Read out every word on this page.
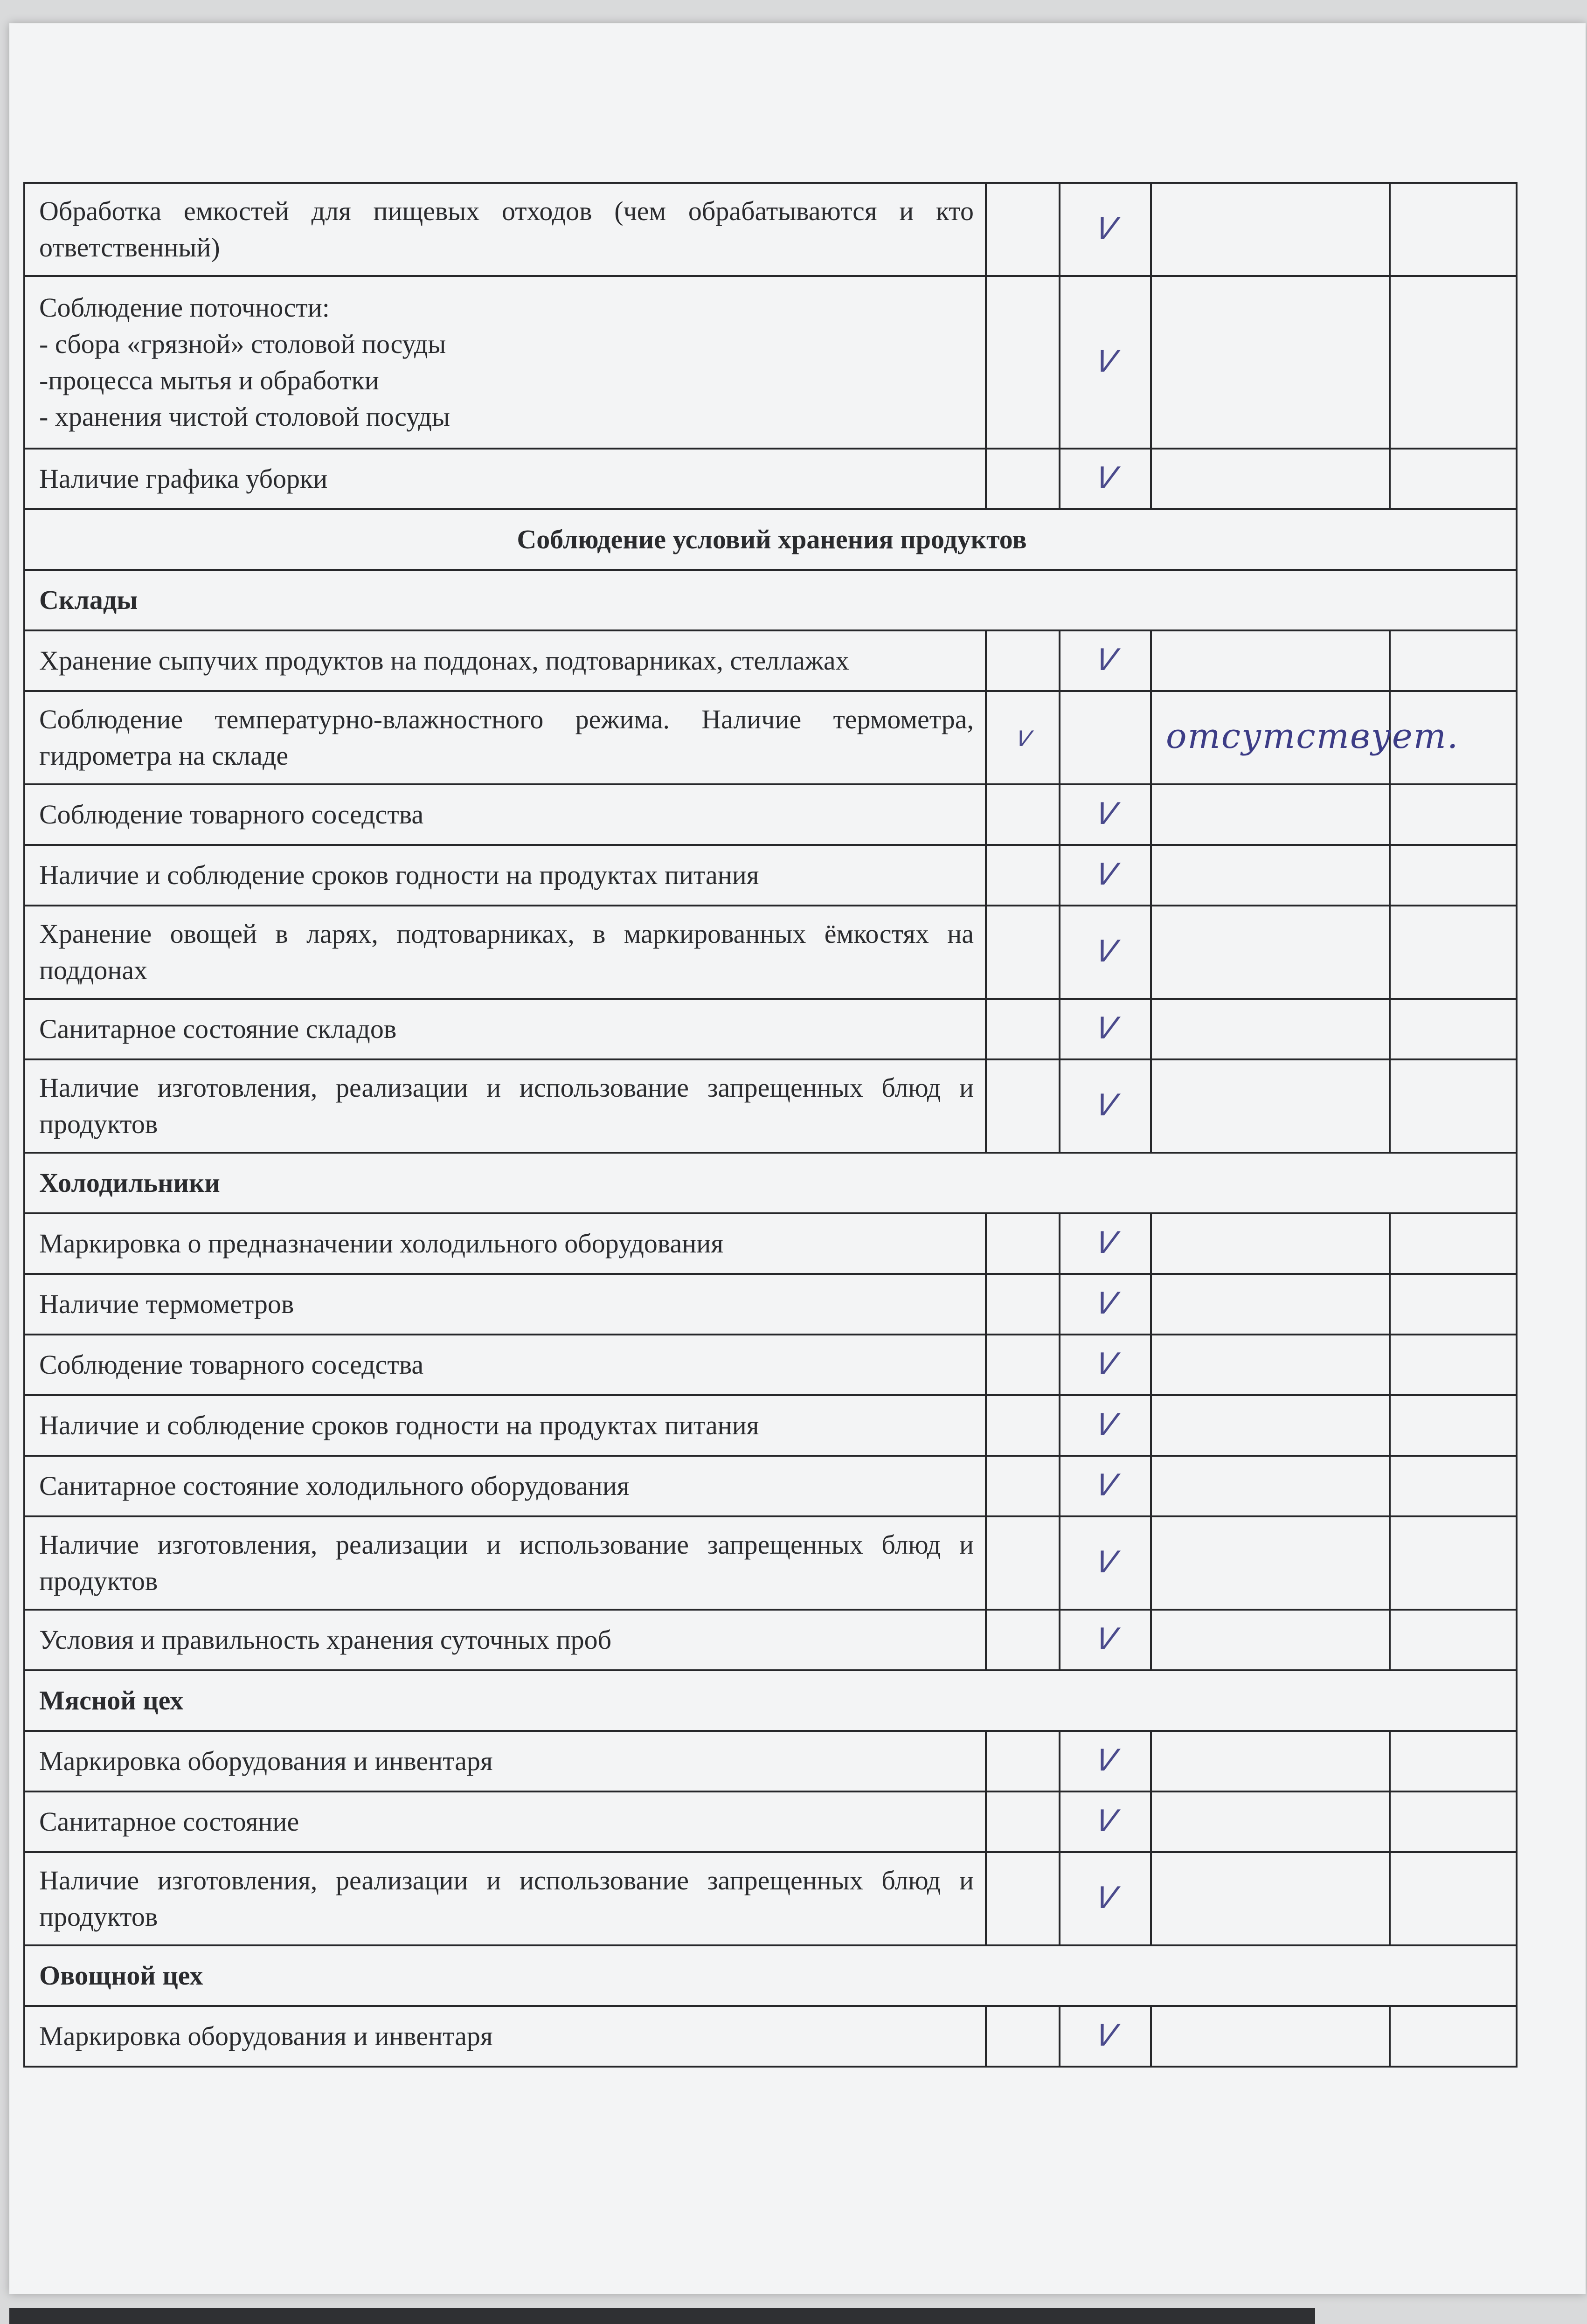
Обработка емкостей для пищевых отходов (чем обрабатываются и кто ответственный)		V		
Соблюдение поточности:
- сбора «грязной» столовой посуды
-процесса мытья и обработки
- хранения чистой столовой посуды		V		
Наличие графика уборки		V		
Соблюдение условий хранения продуктов				
Склады				
Хранение сыпучих продуктов на поддонах, подтоварниках, стеллажах		V		
Соблюдение температурно-влажностного режима. Наличие термометра, гидрометра на складе	V		отсутствует.	
Соблюдение товарного соседства		V		
Наличие и соблюдение сроков годности на продуктах питания		V		
Хранение овощей в ларях, подтоварниках, в маркированных ёмкостях на поддонах		V		
Санитарное состояние складов		V		
Наличие изготовления, реализации и использование запрещенных блюд и продуктов		V		
Холодильники				
Маркировка о предназначении холодильного оборудования		V		
Наличие термометров		V		
Соблюдение товарного соседства		V		
Наличие и соблюдение сроков годности на продуктах питания		V		
Санитарное состояние холодильного оборудования		V		
Наличие изготовления, реализации и использование запрещенных блюд и продуктов		V		
Условия и правильность хранения суточных проб		V		
Мясной цех				
Маркировка оборудования и инвентаря		V		
Санитарное состояние		V		
Наличие изготовления, реализации и использование запрещенных блюд и продуктов		V		
Овощной цех				
Маркировка оборудования и инвентаря		V		
